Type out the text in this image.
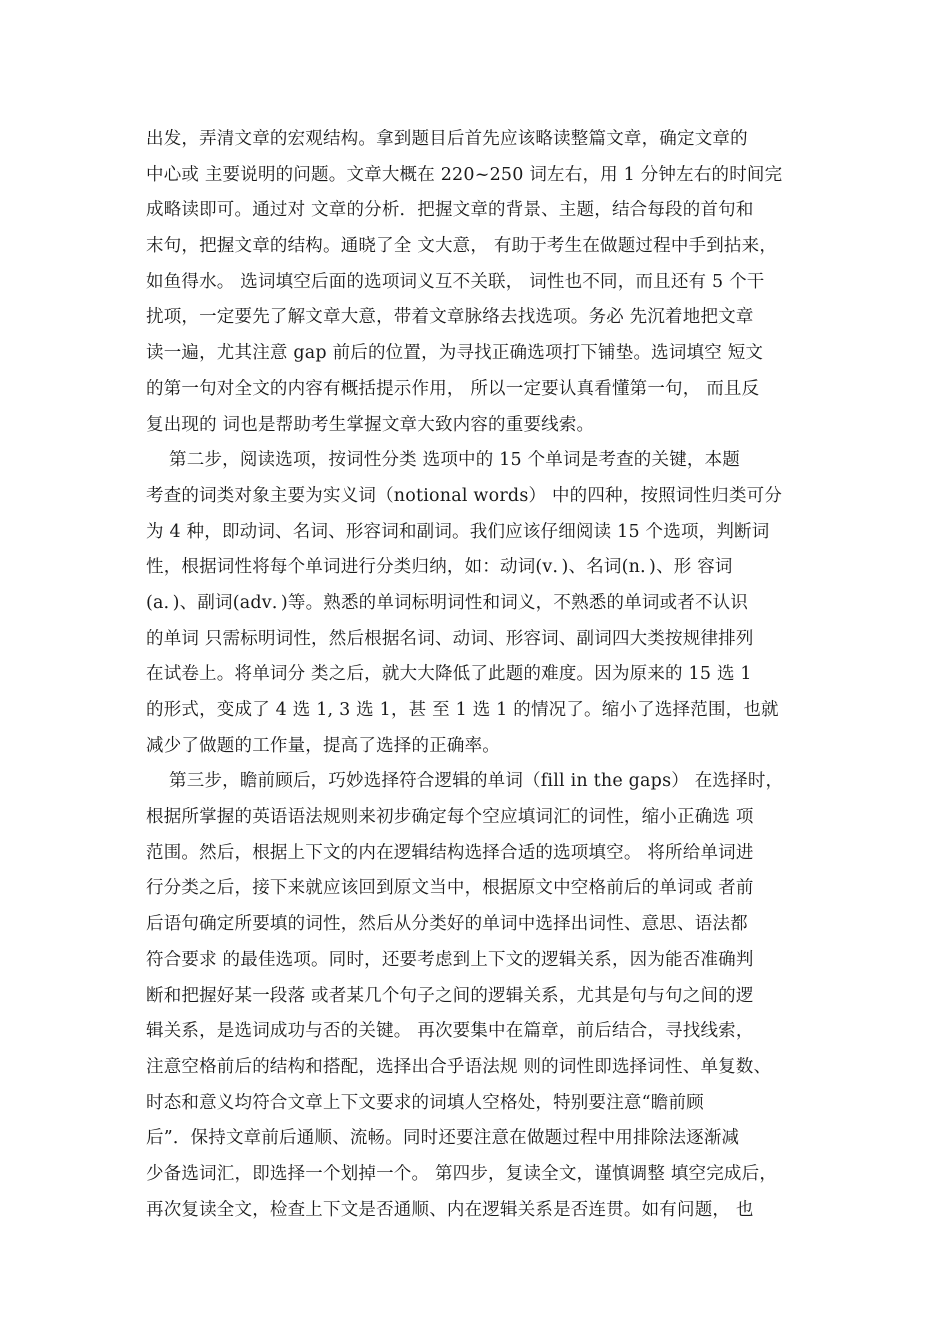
出发，弄清文章的宏观结构。拿到题目后首先应该略读整篇文章，确定文章的
中心或 主要说明的问题。文章大概在 220~250 词左右，用 1 分钟左右的时间完
成略读即可。通过对 文章的分析．把握文章的背景、主题，结合每段的首句和
末句，把握文章的结构。通晓了全 文大意， 有助于考生在做题过程中手到拈来，
如鱼得水。 选词填空后面的选项词义互不关联， 词性也不同，而且还有 5 个干
扰项，一定要先了解文章大意，带着文章脉络去找选项。务必 先沉着地把文章
读一遍，尤其注意 gap 前后的位置，为寻找正确选项打下铺垫。选词填空 短文
的第一句对全文的内容有概括提示作用， 所以一定要认真看懂第一句， 而且反
复出现的 词也是帮助考生掌握文章大致内容的重要线索。
第二步，阅读选项，按词性分类 选项中的 15 个单词是考查的关键，本题
考查的词类对象主要为实义词（notional words） 中的四种，按照词性归类可分
为 4 种，即动词、名词、形容词和副词。我们应该仔细阅读 15 个选项，判断词
性，根据词性将每个单词进行分类归纳，如：动词(v．)、名词(n．)、形 容词
(a．)、副词(adv．)等。熟悉的单词标明词性和词义，不熟悉的单词或者不认识
的单词 只需标明词性，然后根据名词、动词、形容词、副词四大类按规律排列
在试卷上。将单词分 类之后，就大大降低了此题的难度。因为原来的 15 选 1
的形式，变成了 4 选 1, 3 选 1，甚 至 1 选 1 的情况了。缩小了选择范围，也就
减少了做题的工作量，提高了选择的正确率。
第三步，瞻前顾后，巧妙选择符合逻辑的单词（fill in the gaps） 在选择时，
根据所掌握的英语语法规则来初步确定每个空应填词汇的词性，缩小正确选 项
范围。然后，根据上下文的内在逻辑结构选择合适的选项填空。 将所给单词进
行分类之后，接下来就应该回到原文当中，根据原文中空格前后的单词或 者前
后语句确定所要填的词性，然后从分类好的单词中选择出词性、意思、语法都
符合要求 的最佳选项。同时，还要考虑到上下文的逻辑关系，因为能否准确判
断和把握好某一段落 或者某几个句子之间的逻辑关系，尤其是句与句之间的逻
辑关系，是选词成功与否的关键。 再次要集中在篇章，前后结合，寻找线索，
注意空格前后的结构和搭配，选择出合乎语法规 则的词性即选择词性、单复数、
时态和意义均符合文章上下文要求的词填人空格处，特别要注意“瞻前顾
后”．保持文章前后通顺、流畅。同时还要注意在做题过程中用排除法逐渐减
少备选词汇，即选择一个划掉一个。 第四步，复读全文，谨慎调整 填空完成后，
再次复读全文，检查上下文是否通顺、内在逻辑关系是否连贯。如有问题， 也
